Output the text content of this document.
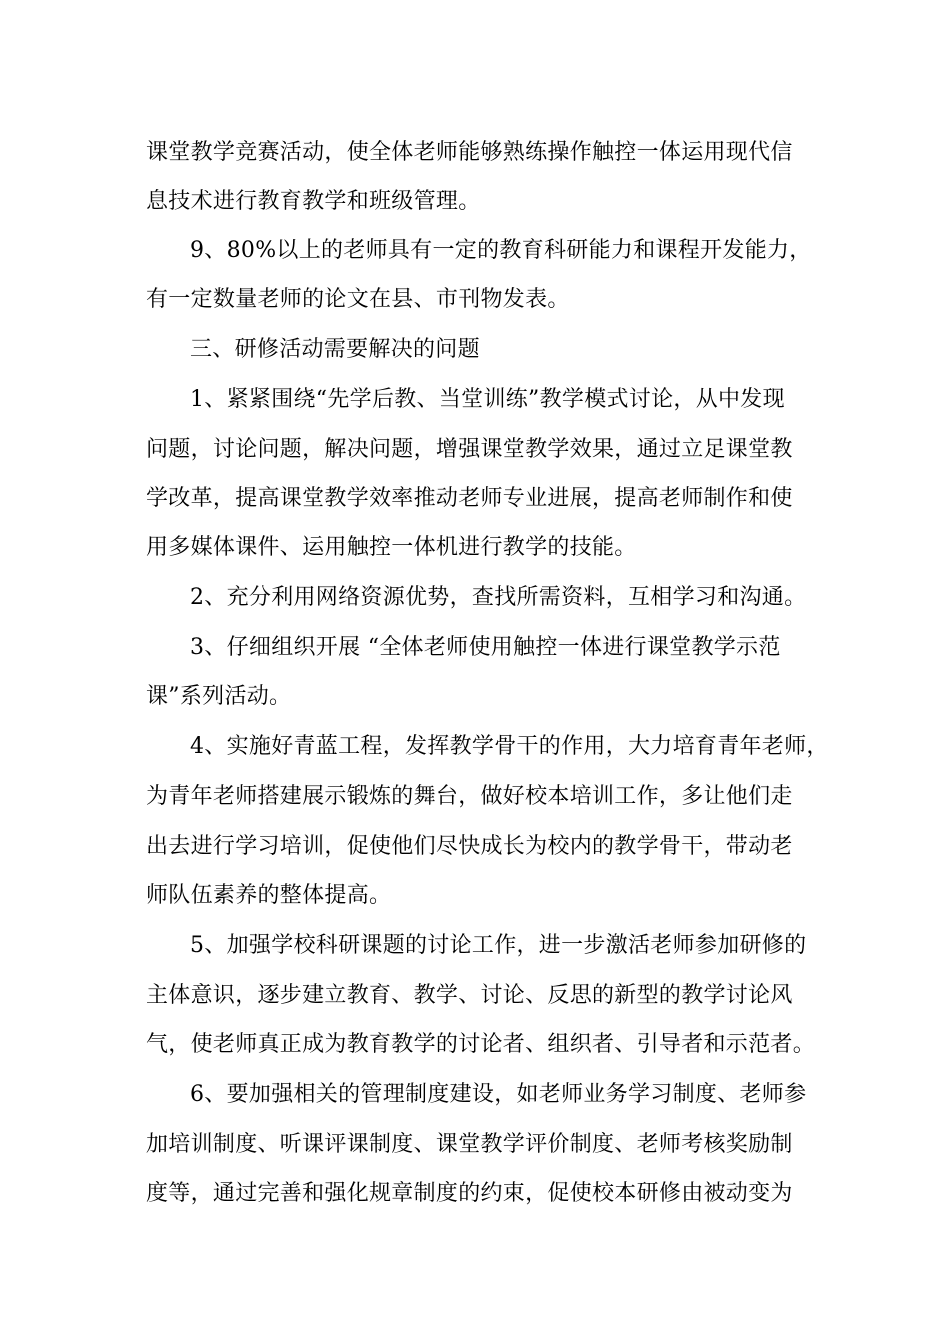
课堂教学竞赛活动，使全体老师能够熟练操作触控一体运用现代信
息技术进行教育教学和班级管理。
9、80%以上的老师具有一定的教育科研能力和课程开发能力，
有一定数量老师的论文在县、市刊物发表。
三、研修活动需要解决的问题
1、紧紧围绕“先学后教、当堂训练”教学模式讨论，从中发现
问题，讨论问题，解决问题，增强课堂教学效果，通过立足课堂教
学改革，提高课堂教学效率推动老师专业进展，提高老师制作和使
用多媒体课件、运用触控一体机进行教学的技能。
2、充分利用网络资源优势，查找所需资料，互相学习和沟通。
3、仔细组织开展 “全体老师使用触控一体进行课堂教学示范
课”系列活动。
4、实施好青蓝工程，发挥教学骨干的作用，大力培育青年老师，
为青年老师搭建展示锻炼的舞台，做好校本培训工作，多让他们走
出去进行学习培训，促使他们尽快成长为校内的教学骨干，带动老
师队伍素养的整体提高。
5、加强学校科研课题的讨论工作，进一步激活老师参加研修的
主体意识，逐步建立教育、教学、讨论、反思的新型的教学讨论风
气，使老师真正成为教育教学的讨论者、组织者、引导者和示范者。
6、要加强相关的管理制度建设，如老师业务学习制度、老师参
加培训制度、听课评课制度、课堂教学评价制度、老师考核奖励制
度等，通过完善和强化规章制度的约束，促使校本研修由被动变为
